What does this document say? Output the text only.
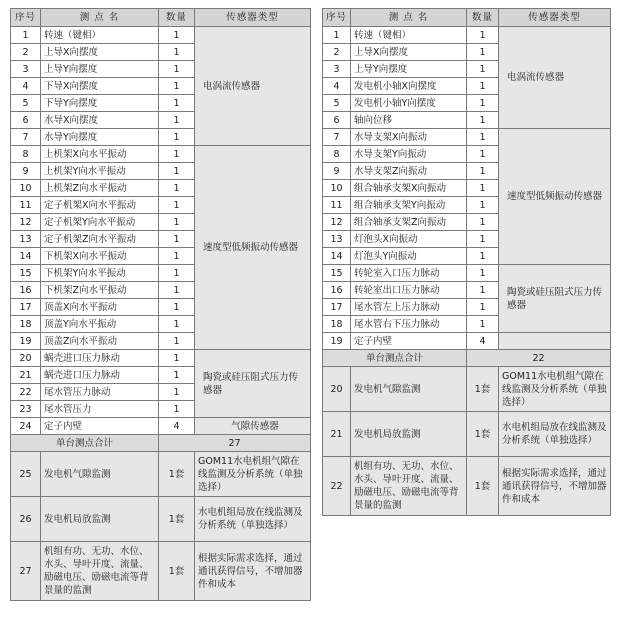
序号	测 点 名	数量	传感器类型
1	转速（键相）	1	电涡流传感器
2	上导X向摆度	1	
3	上导Y向摆度	1	
4	下导X向摆度	1	
5	下导Y向摆度	1	
6	水导X向摆度	1	
7	水导Y向摆度	1	
8	上机架X向水平振动	1	速度型低频振动传感器
9	上机架Y向水平振动	1	
10	上机架Z向水平振动	1	
11	定子机架X向水平振动	1	
12	定子机架Y向水平振动	1	
13	定子机架Z向水平振动	1	
14	下机架X向水平振动	1	
15	下机架Y向水平振动	1	
16	下机架Z向水平振动	1	
17	顶盖X向水平振动	1	
18	顶盖Y向水平振动	1	
19	顶盖Z向水平振动	1	
20	蜗壳进口压力脉动	1	陶瓷或硅压阻式压力传感器
21	蜗壳进口压力脉动	1	
22	尾水管压力脉动	1	
23	尾水管压力	1	
24	定子内壁	4	气隙传感器
单台测点合计		27	
25	发电机气隙监测	1套	GOM11水电机组气隙在线监测及分析系统（单独选择）
26	发电机局放监测	1套	水电机组局放在线监测及分析系统（单独选择）
27	机组有功、无功、水位、水头、导叶开度、流量、励磁电压、励磁电流等背景量的监测	1套	根据实际需求选择，通过通讯获得信号，不增加器件和成本
序号	测 点 名	数量	传感器类型
1	转速（键相）	1	电涡流传感器
2	上导X向摆度	1	
3	上导Y向摆度	1	
4	发电机小轴X向摆度	1	
5	发电机小轴Y向摆度	1	
6	轴向位移	1	
7	水导支架X向振动	1	速度型低频振动传感器
8	水导支架Y向振动	1	
9	水导支架Z向振动	1	
10	组合轴承支架X向振动	1	
11	组合轴承支架Y向振动	1	
12	组合轴承支架Z向振动	1	
13	灯泡头X向振动	1	
14	灯泡头Y向振动	1	
15	转轮室入口压力脉动	1	陶瓷或硅压阻式压力传感器
16	转轮室出口压力脉动	1	
17	尾水管左上压力脉动	1	
18	尾水管右下压力脉动	1	
19	定子内壁	4	
单台测点合计		22	
20	发电机气隙监测	1套	GOM11水电机组气隙在线监测及分析系统（单独选择）
21	发电机局放监测	1套	水电机组局放在线监测及分析系统（单独选择）
22	机组有功、无功、水位、水头、导叶开度、流量、励磁电压、励磁电流等背景量的监测	1套	根据实际需求选择，通过通讯获得信号，不增加器件和成本
